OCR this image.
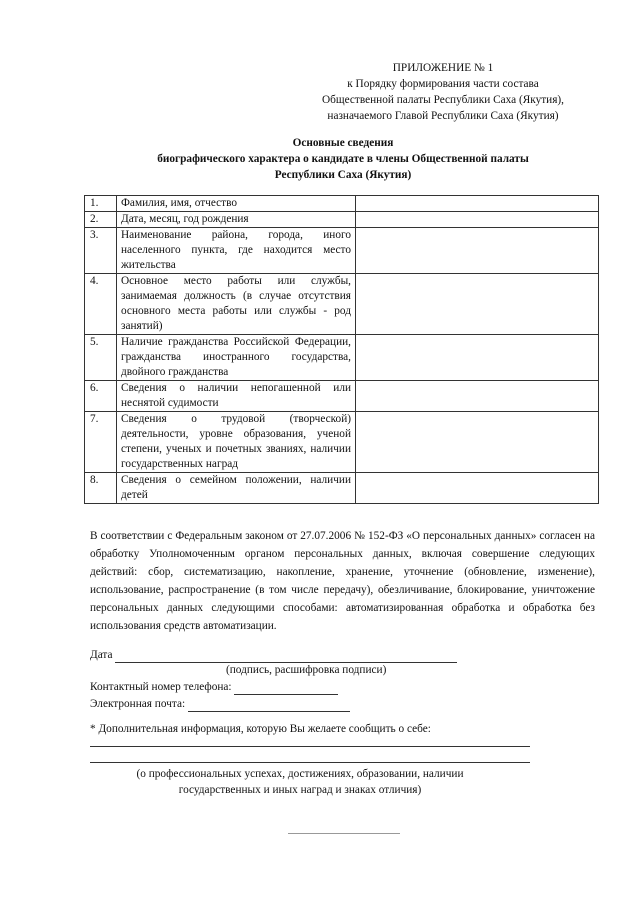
ПРИЛОЖЕНИЕ № 1
к Порядку формирования части состава
Общественной палаты Республики Саха (Якутия),
назначаемого Главой Республики Саха (Якутия)
Основные сведения
биографического характера о кандидате в члены Общественной палаты
Республики Саха (Якутия)
1.	Фамилия, имя, отчество	
2.	Дата, месяц, год рождения	
3.	Наименование района, города, иного населенного пункта, где находится место жительства	
4.	Основное место работы или службы, занимаемая должность (в случае отсутствия основного места работы или службы - род занятий)	
5.	Наличие гражданства Российской Федерации, гражданства иностранного государства, двойного гражданства	
6.	Сведения о наличии непогашенной или неснятой судимости	
7.	Сведения о трудовой (творческой) деятельности, уровне образования, ученой степени, ученых и почетных званиях, наличии государственных наград	
8.	Сведения о семейном положении, наличии детей	
В соответствии с Федеральным законом от 27.07.2006 № 152-ФЗ «О персональных данных» согласен на обработку Уполномоченным органом персональных данных, включая совершение следующих действий: сбор, систематизацию, накопление, хранение, уточнение (обновление, изменение), использование, распространение (в том числе передачу), обезличивание, блокирование, уничтожение персональных данных следующими способами: автоматизированная обработка и обработка без использования средств автоматизации.
Дата
(подпись, расшифровка подписи)
Контактный номер телефона:
Электронная почта:
* Дополнительная информация, которую Вы желаете сообщить о себе:
(о профессиональных успехах, достижениях, образовании, наличии
государственных и иных наград и знаках отличия)
